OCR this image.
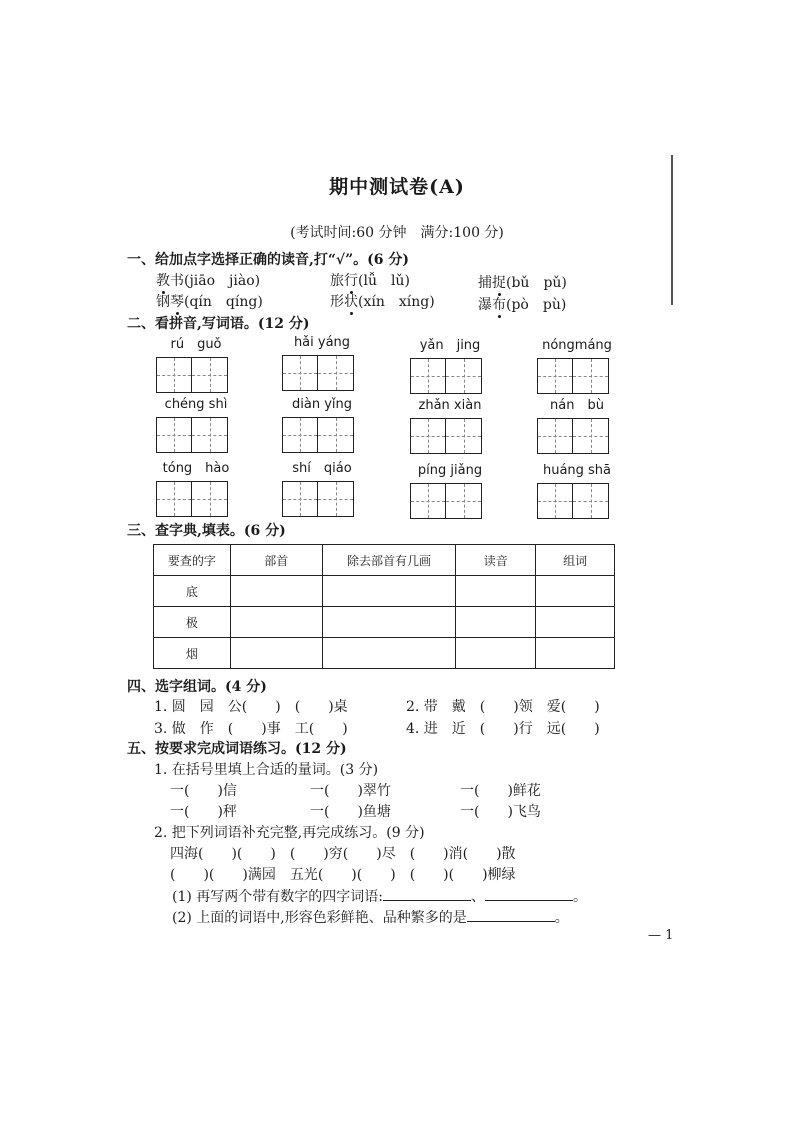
期中测试卷(A)
(考试时间:60 分钟　满分:100 分)
一、给加点字选择正确的读音,打“√”。(6 分)
教书(jiāo　jiào)	旅行(lǚ　lǔ)	捕捉(bǔ　pǔ)
钢琴(qín　qíng)	形状(xín　xíng)	瀑布(pò　pù)
二、看拼音,写词语。(12 分)
rú　guǒ	hǎi yáng	yǎn　jing	nóngmáng
chéng shì	diàn yǐng	zhǎn xiàn	nán　bù
tóng　hào	shí　qiáo	píng jiǎng	huáng shā
三、查字典,填表。(6 分)
要查的字	部首	除去部首有几画	读音	组词
底				
极				
烟				
四、选字组词。(4 分)
1. 圆　园　公(　　)　(　　)桌	2. 带　戴　(　　)领　爱(　　)
3. 做　作　(　　)事　工(　　)	4. 进　近　(　　)行　远(　　)
五、按要求完成词语练习。(12 分)
1. 在括号里填上合适的量词。(3 分)
一(　　)信	一(　　)翠竹	一(　　)鲜花
一(　　)秤	一(　　)鱼塘	一(　　)飞鸟
2. 把下列词语补充完整,再完成练习。(9 分)
四海(　　)(　　)　(　　)穷(　　)尽　(　　)消(　　)散
(　　)(　　)满园　五光(　　)(　　)　(　　)(　　)柳绿
(1) 再写两个带有数字的四字词语:	、	。
(2) 上面的词语中,形容色彩鲜艳、品种繁多的是	。
— 1
